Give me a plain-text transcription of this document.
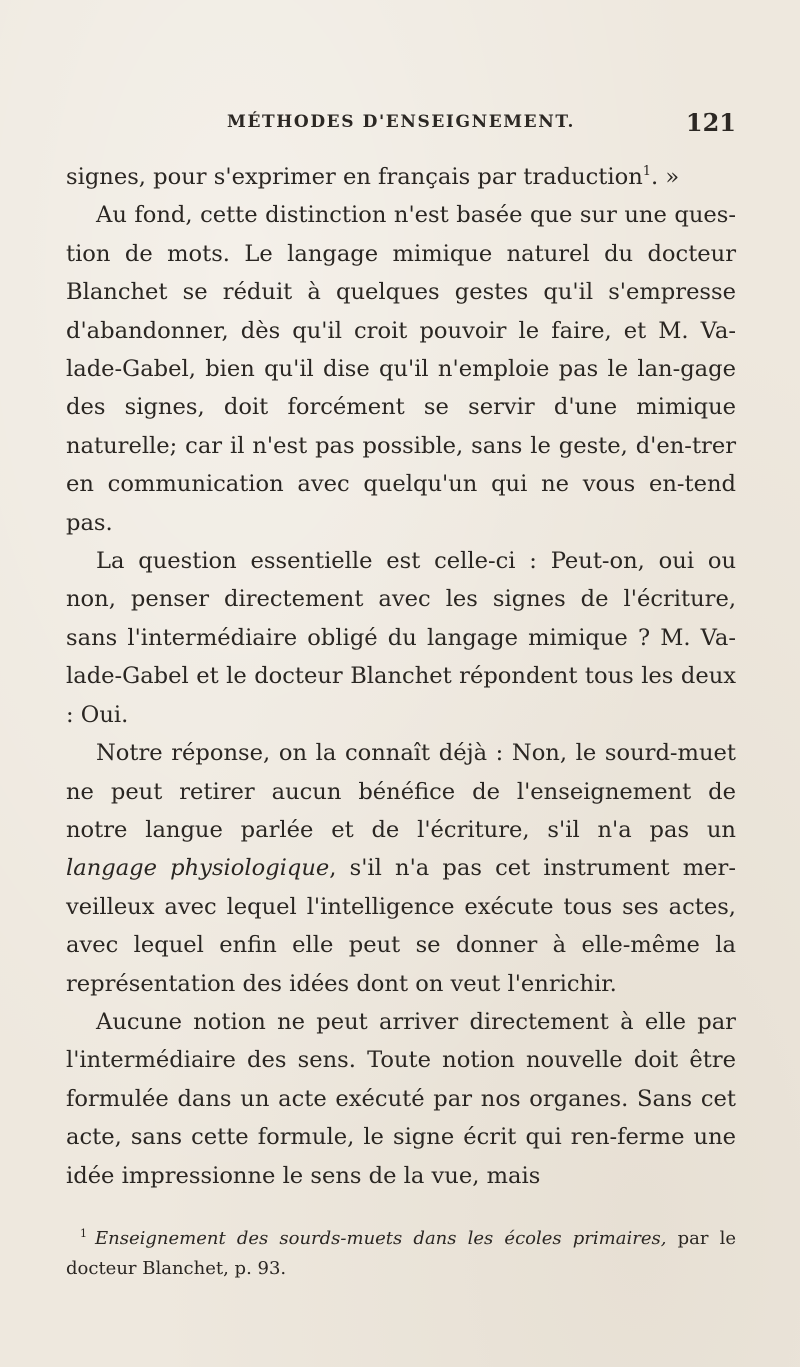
MÉTHODES D'ENSEIGNEMENT.	121

signes, pour s'exprimer en français par traduction$^1$. »

Au fond, cette distinction n'est basée que sur une ques-tion de mots. Le langage mimique naturel du docteur Blanchet se réduit à quelques gestes qu'il s'empresse d'abandonner, dès qu'il croit pouvoir le faire, et M. Va-lade-Gabel, bien qu'il dise qu'il n'emploie pas le lan-gage des signes, doit forcément se servir d'une mimique naturelle; car il n'est pas possible, sans le geste, d'en-trer en communication avec quelqu'un qui ne vous en-tend pas.

La question essentielle est celle-ci : Peut-on, oui ou non, penser directement avec les signes de l'écriture, sans l'intermédiaire obligé du langage mimique ? M. Va-lade-Gabel et le docteur Blanchet répondent tous les deux : Oui.

Notre réponse, on la connaît déjà : Non, le sourd-muet ne peut retirer aucun bénéfice de l'enseignement de notre langue parlée et de l'écriture, s'il n'a pas un langage physiologique, s'il n'a pas cet instrument mer-veilleux avec lequel l'intelligence exécute tous ses actes, avec lequel enfin elle peut se donner à elle-même la représentation des idées dont on veut l'enrichir.

Aucune notion ne peut arriver directement à elle par l'intermédiaire des sens. Toute notion nouvelle doit être formulée dans un acte exécuté par nos organes. Sans cet acte, sans cette formule, le signe écrit qui ren-ferme une idée impressionne le sens de la vue, mais

$^1$ Enseignement des sourds-muets dans les écoles primaires, par le docteur Blanchet, p. 93.
